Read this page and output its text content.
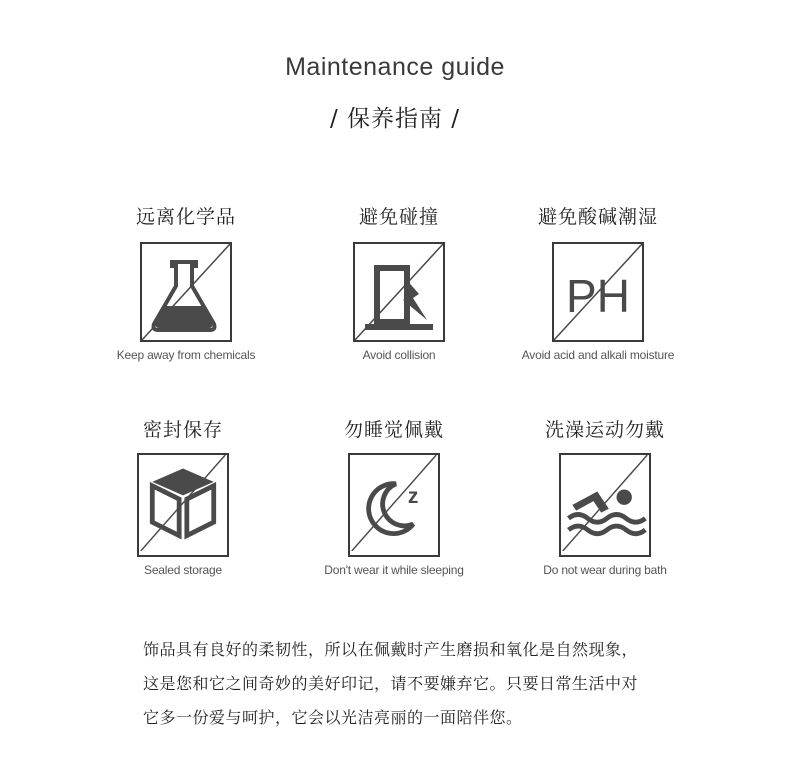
Maintenance guide
/ 保养指南 /
远离化学品
Keep away from chemicals
避免碰撞
Avoid collision
避免酸碱潮湿
PH
Avoid acid and alkali moisture
密封保存
Sealed storage
勿睡觉佩戴
z
Don't wear it while sleeping
洗澡运动勿戴
Do not wear during bath

饰品具有良好的柔韧性，所以在佩戴时产生磨损和氧化是自然现象，

这是您和它之间奇妙的美好印记，请不要嫌弃它。只要日常生活中对

它多一份爱与呵护，它会以光洁亮丽的一面陪伴您。
